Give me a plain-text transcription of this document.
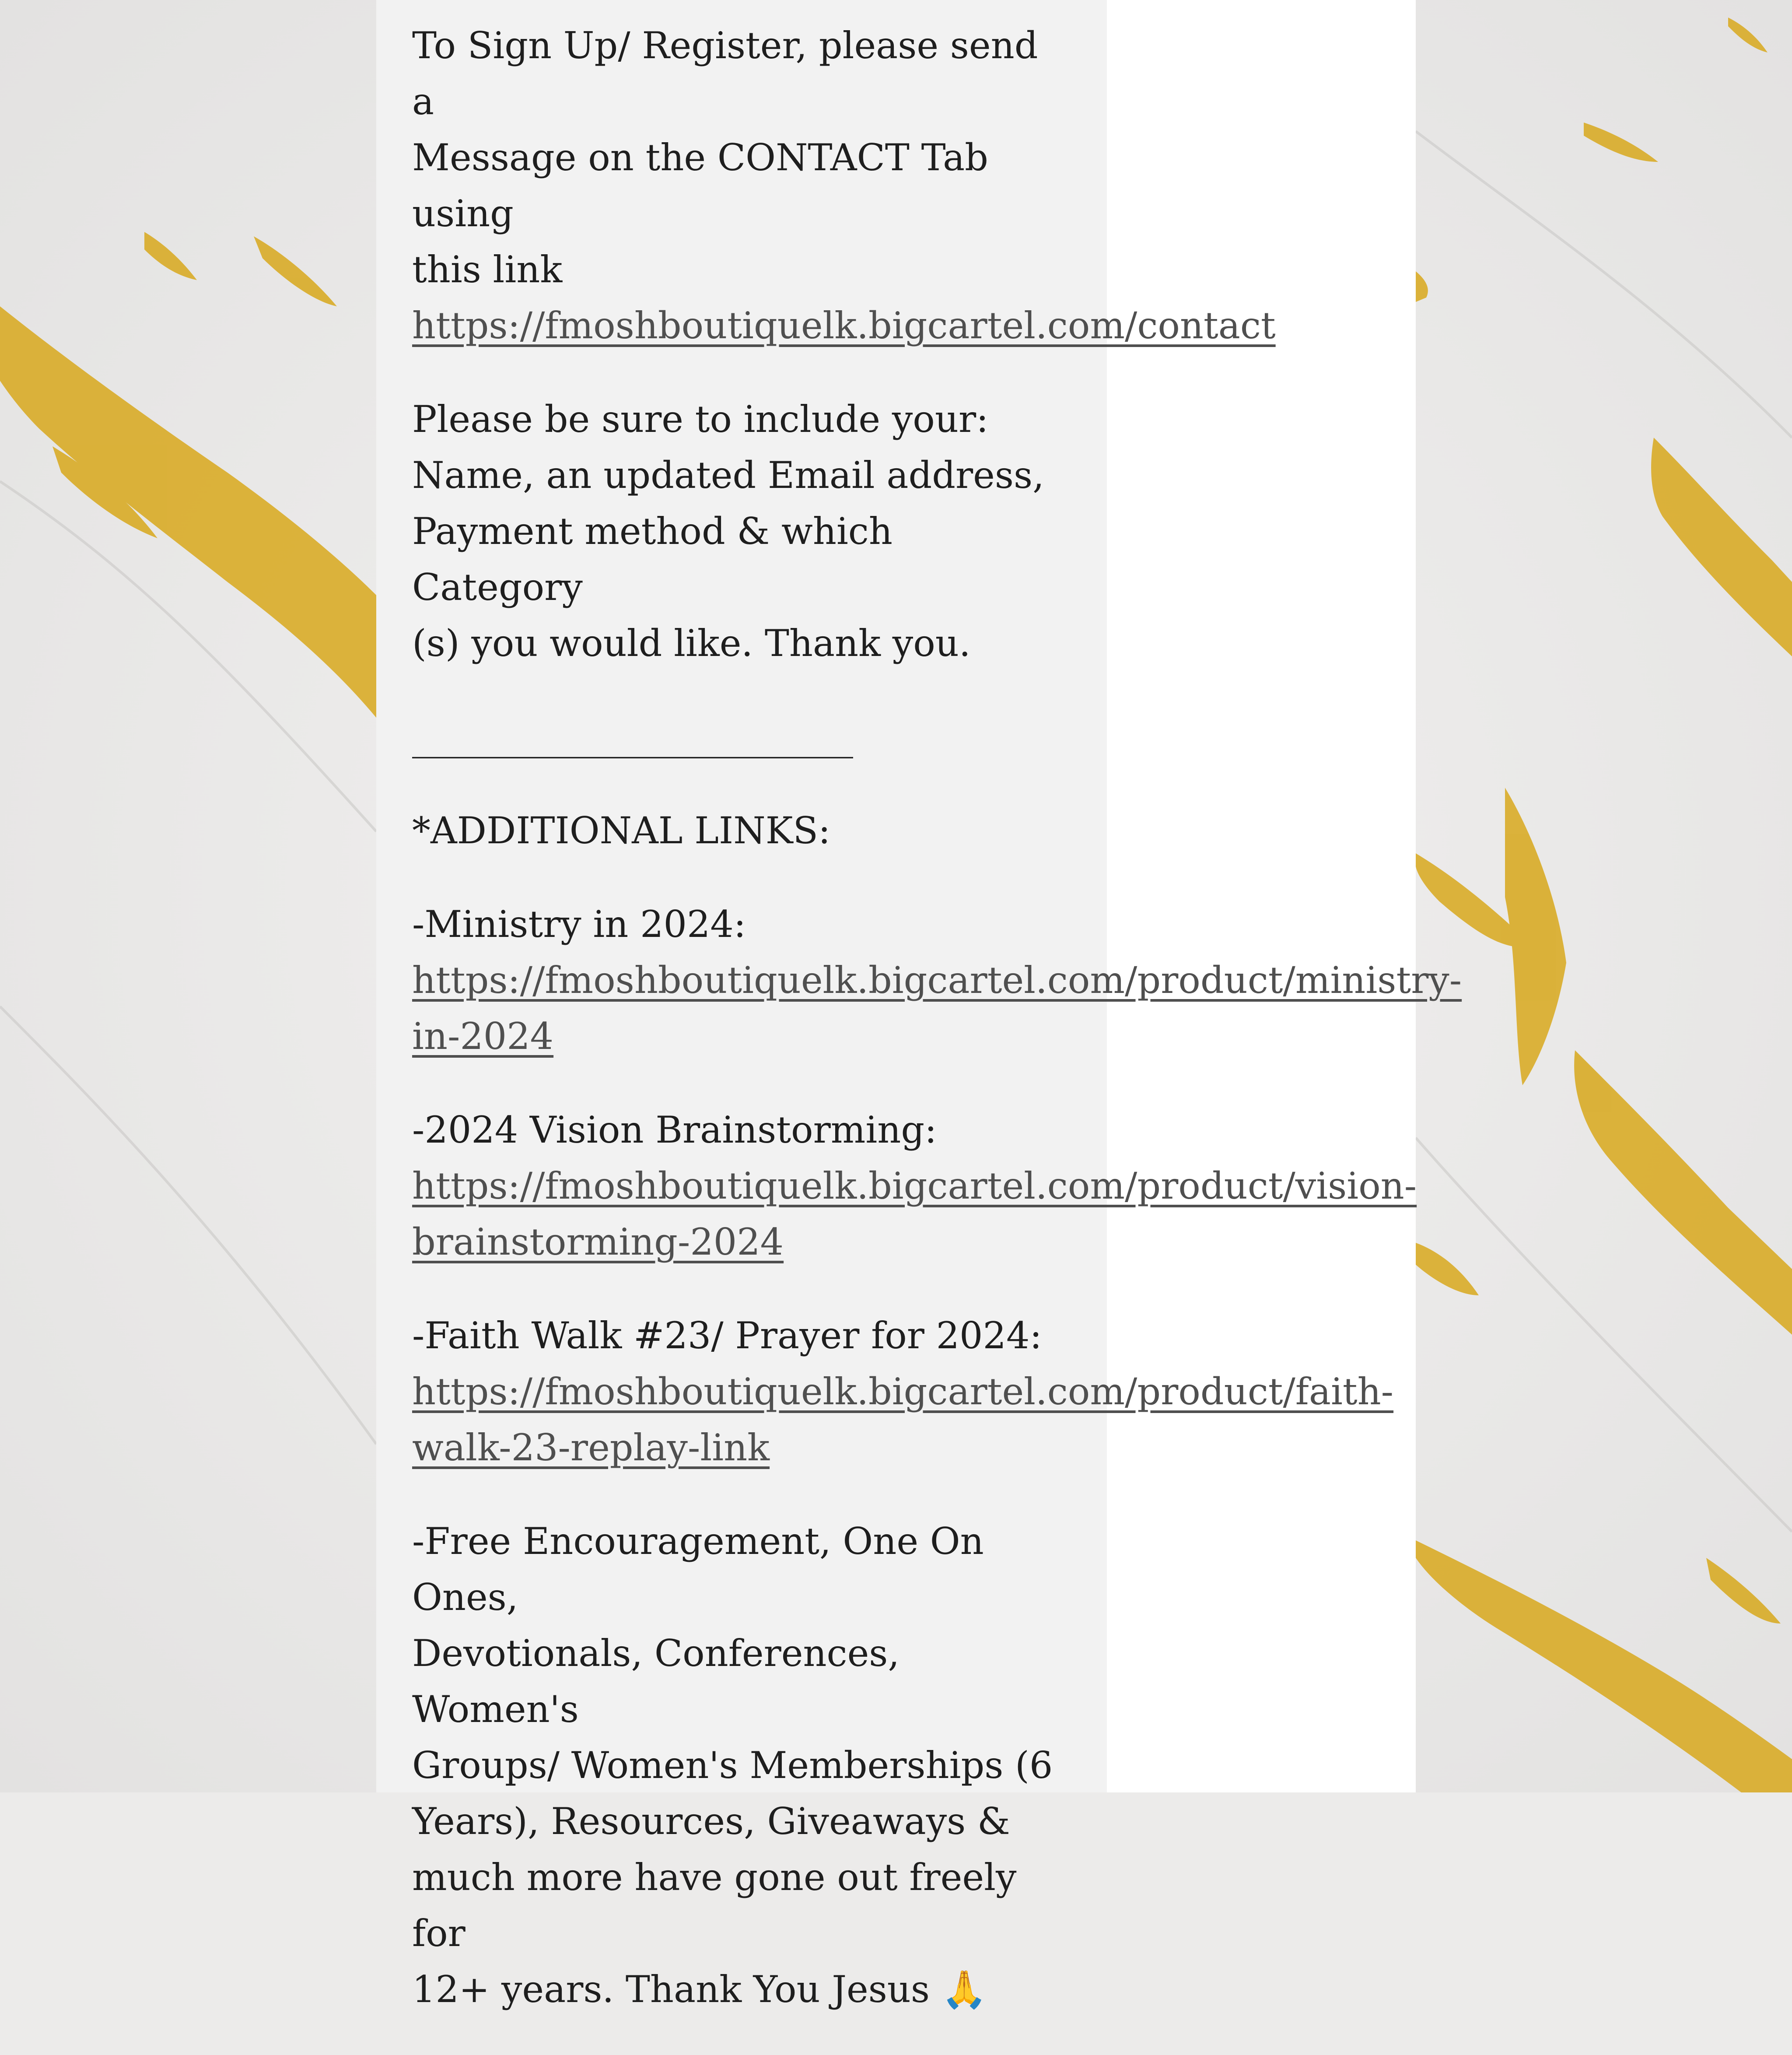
To Sign Up/ Register, please send a
Message on the CONTACT Tab using
this link
https://fmoshboutiquelk.bigcartel.com/contact

Please be sure to include your:
Name, an updated Email address,
Payment method & which Category
(s) you would like. Thank you.

________________________

*ADDITIONAL LINKS:

-Ministry in 2024:
https://fmoshboutiquelk.bigcartel.com/product/ministry-
in-2024

-2024 Vision Brainstorming:
https://fmoshboutiquelk.bigcartel.com/product/vision-
brainstorming-2024

-Faith Walk #23/ Prayer for 2024:
https://fmoshboutiquelk.bigcartel.com/product/faith-
walk-23-replay-link

-Free Encouragement, One On Ones,
Devotionals, Conferences, Women's
Groups/ Women's Memberships (6
Years), Resources, Giveaways &
much more have gone out freely for
12+ years. Thank You Jesus 🙏
